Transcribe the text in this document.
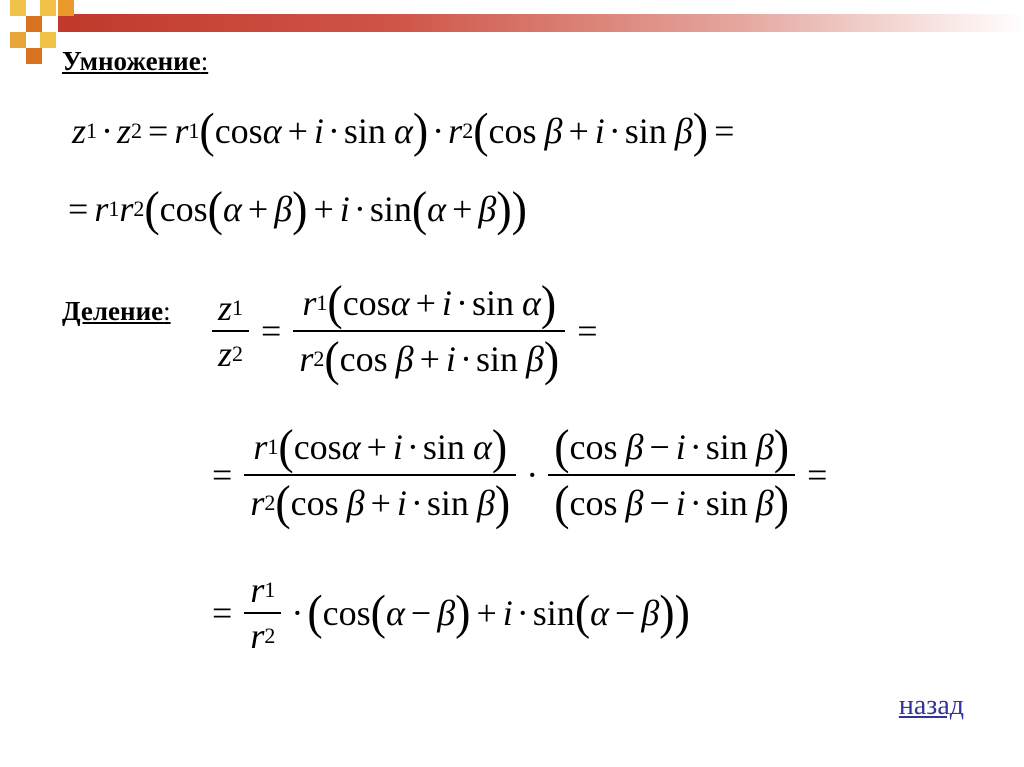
Умножение:
z 1 · z 2 = r 1 ( cos α + i · sin α ) · r 2 ( cos β + i · sin β ) =
= r 1 r 2 ( cos ( α + β ) + i · sin ( α + β ) )
Деление: $\frac{z 1}{z 2} = \frac{\text{r 1 ( cos α + i · sin α )}}{\text{r 2 ( cos β + i · sin β )}}$ =
= $\frac{\text{r 1 ( cos α + i · sin α )}}{\text{r 2 ( cos β + i · sin β )}} \cdot \frac{\text{( cos β − i · sin β )}}{\text{( cos β − i · sin β )}}$ =
= $\frac{r 1}{r 2}$ · ( cos ( α − β ) + i · sin ( α − β ) )
назад
